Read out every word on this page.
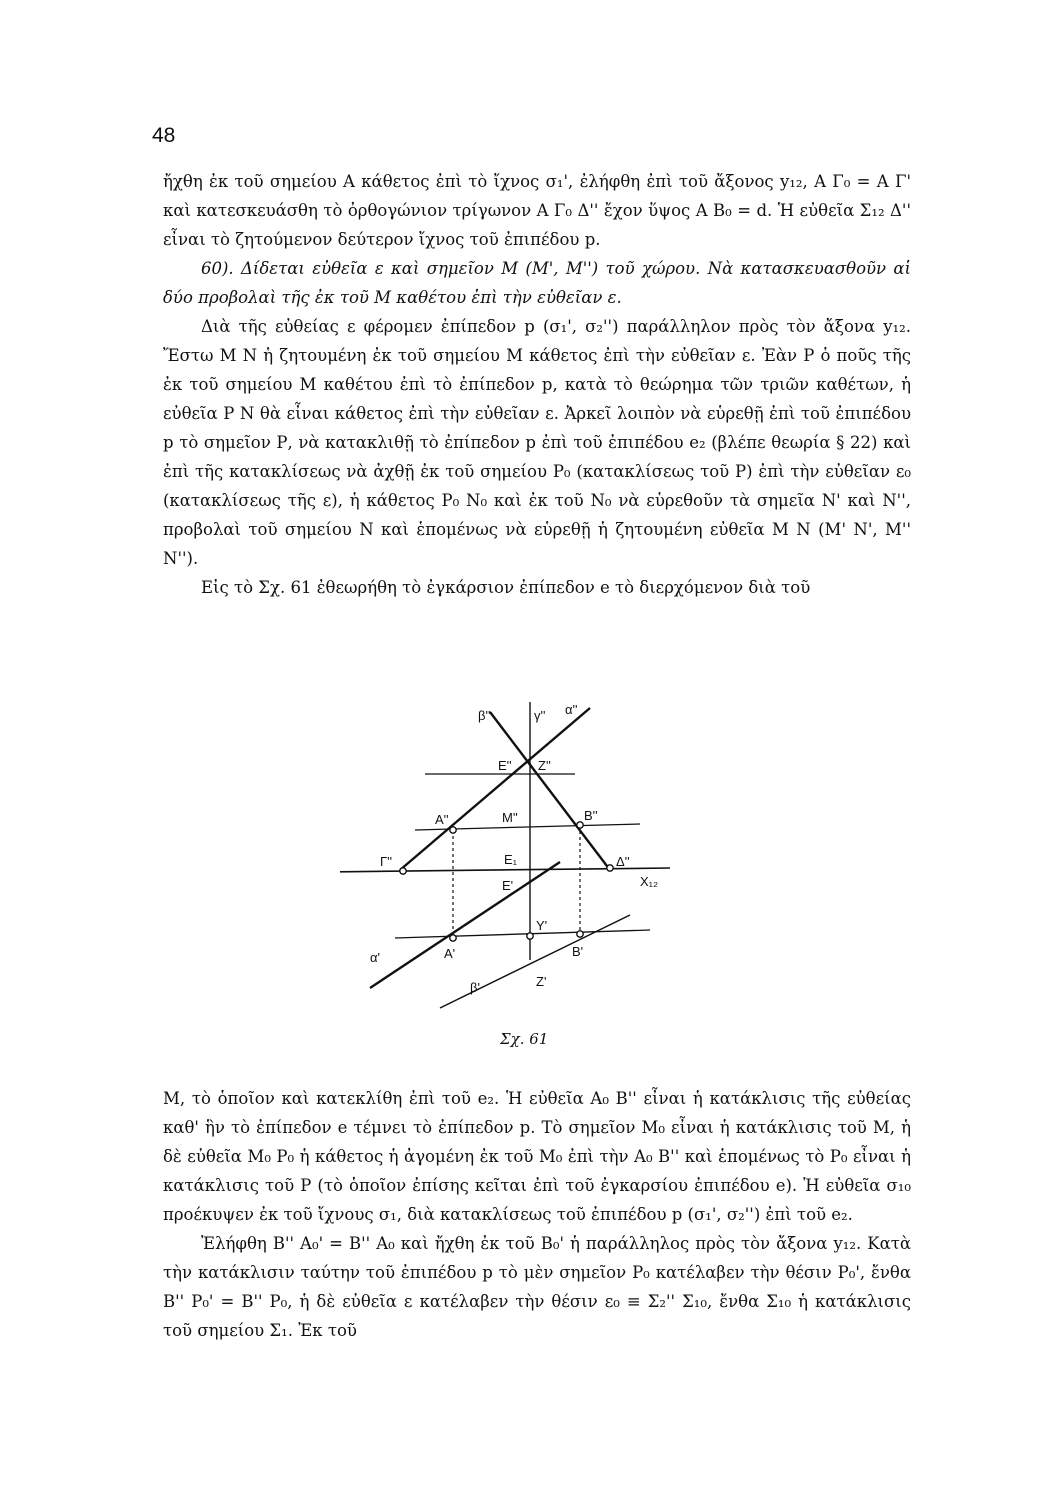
48

ἤχθη ἐκ τοῦ σημείου Α κάθετος ἐπὶ τὸ ἴχνος σ₁', ἐλήφθη ἐπὶ τοῦ ἄξονος y₁₂, Α Γ₀ = Α Γ' καὶ κατεσκευάσθη τὸ ὀρθογώνιον τρίγωνον Α Γ₀ Δ'' ἔχον ὕψος Α Β₀ = d. Ἡ εὐθεῖα Σ₁₂ Δ'' εἶναι τὸ ζητούμενον δεύτερον ἴχνος τοῦ ἐπιπέδου p.

60). Δίδεται εὐθεῖα ε καὶ σημεῖον Μ (Μ', Μ'') τοῦ χώρου. Νὰ κατασκευασθοῦν αἱ δύο προβολαὶ τῆς ἐκ τοῦ Μ καθέτου ἐπὶ τὴν εὐθεῖαν ε.

Διὰ τῆς εὐθείας ε φέρομεν ἐπίπεδον p (σ₁', σ₂'') παράλληλον πρὸς τὸν ἄξονα y₁₂. Ἔστω Μ Ν ἡ ζητουμένη ἐκ τοῦ σημείου Μ κάθετος ἐπὶ τὴν εὐθεῖαν ε. Ἐὰν Ρ ὁ ποῦς τῆς ἐκ τοῦ σημείου Μ καθέτου ἐπὶ τὸ ἐπίπεδον p, κατὰ τὸ θεώρημα τῶν τριῶν καθέτων, ἡ εὐθεῖα Ρ Ν θὰ εἶναι κάθετος ἐπὶ τὴν εὐθεῖαν ε. Ἀρκεῖ λοιπὸν νὰ εὑρεθῇ ἐπὶ τοῦ ἐπιπέδου p τὸ σημεῖον Ρ, νὰ κατακλιθῇ τὸ ἐπίπεδον p ἐπὶ τοῦ ἐπιπέδου e₂ (βλέπε θεωρία § 22) καὶ ἐπὶ τῆς κατακλίσεως νὰ ἀχθῇ ἐκ τοῦ σημείου Ρ₀ (κατακλίσεως τοῦ Ρ) ἐπὶ τὴν εὐθεῖαν ε₀ (κατακλίσεως τῆς ε), ἡ κάθετος Ρ₀ Ν₀ καὶ ἐκ τοῦ Ν₀ νὰ εὑρεθοῦν τὰ σημεῖα Ν' καὶ Ν'', προβολαὶ τοῦ σημείου Ν καὶ ἑπομένως νὰ εὑρεθῇ ἡ ζητουμένη εὐθεῖα Μ Ν (Μ' Ν', Μ'' Ν'').

Εἰς τὸ Σχ. 61 ἐθεωρήθη τὸ ἐγκάρσιον ἐπίπεδον e τὸ διερχόμενον διὰ τοῦ

β''	γ'' α''
Ε'' Ζ''
Α''	Μ''	Β''
Γ''	Δ''
Ε₁
Ε'	Χ₁₂
Υ'
Α'	Β'
Ζ'
α'
β'
Σχ. 61

Μ, τὸ ὁποῖον καὶ κατεκλίθη ἐπὶ τοῦ e₂. Ἡ εὐθεῖα Α₀ Β'' εἶναι ἡ κατάκλισις τῆς εὐθείας καθ' ἣν τὸ ἐπίπεδον e τέμνει τὸ ἐπίπεδον p. Τὸ σημεῖον Μ₀ εἶναι ἡ κατάκλισις τοῦ Μ, ἡ δὲ εὐθεῖα Μ₀ Ρ₀ ἡ κάθετος ἡ ἀγομένη ἐκ τοῦ Μ₀ ἐπὶ τὴν Α₀ Β'' καὶ ἑπομένως τὸ Ρ₀ εἶναι ἡ κατάκλισις τοῦ Ρ (τὸ ὁποῖον ἐπίσης κεῖται ἐπὶ τοῦ ἐγκαρσίου ἐπιπέδου e). Ἡ εὐθεῖα σ₁₀ προέκυψεν ἐκ τοῦ ἴχνους σ₁, διὰ κατακλίσεως τοῦ ἐπιπέδου p (σ₁', σ₂'') ἐπὶ τοῦ e₂.

Ἐλήφθη Β'' Α₀' = Β'' Α₀ καὶ ἤχθη ἐκ τοῦ Β₀' ἡ παράλληλος πρὸς τὸν ἄξονα y₁₂. Κατὰ τὴν κατάκλισιν ταύτην τοῦ ἐπιπέδου p τὸ μὲν σημεῖον Ρ₀ κατέλαβεν τὴν θέσιν Ρ₀', ἔνθα Β'' Ρ₀' = Β'' Ρ₀, ἡ δὲ εὐθεῖα ε κατέλαβεν τὴν θέσιν ε₀ ≡ Σ₂'' Σ₁₀, ἔνθα Σ₁₀ ἡ κατάκλισις τοῦ σημείου Σ₁. Ἐκ τοῦ
